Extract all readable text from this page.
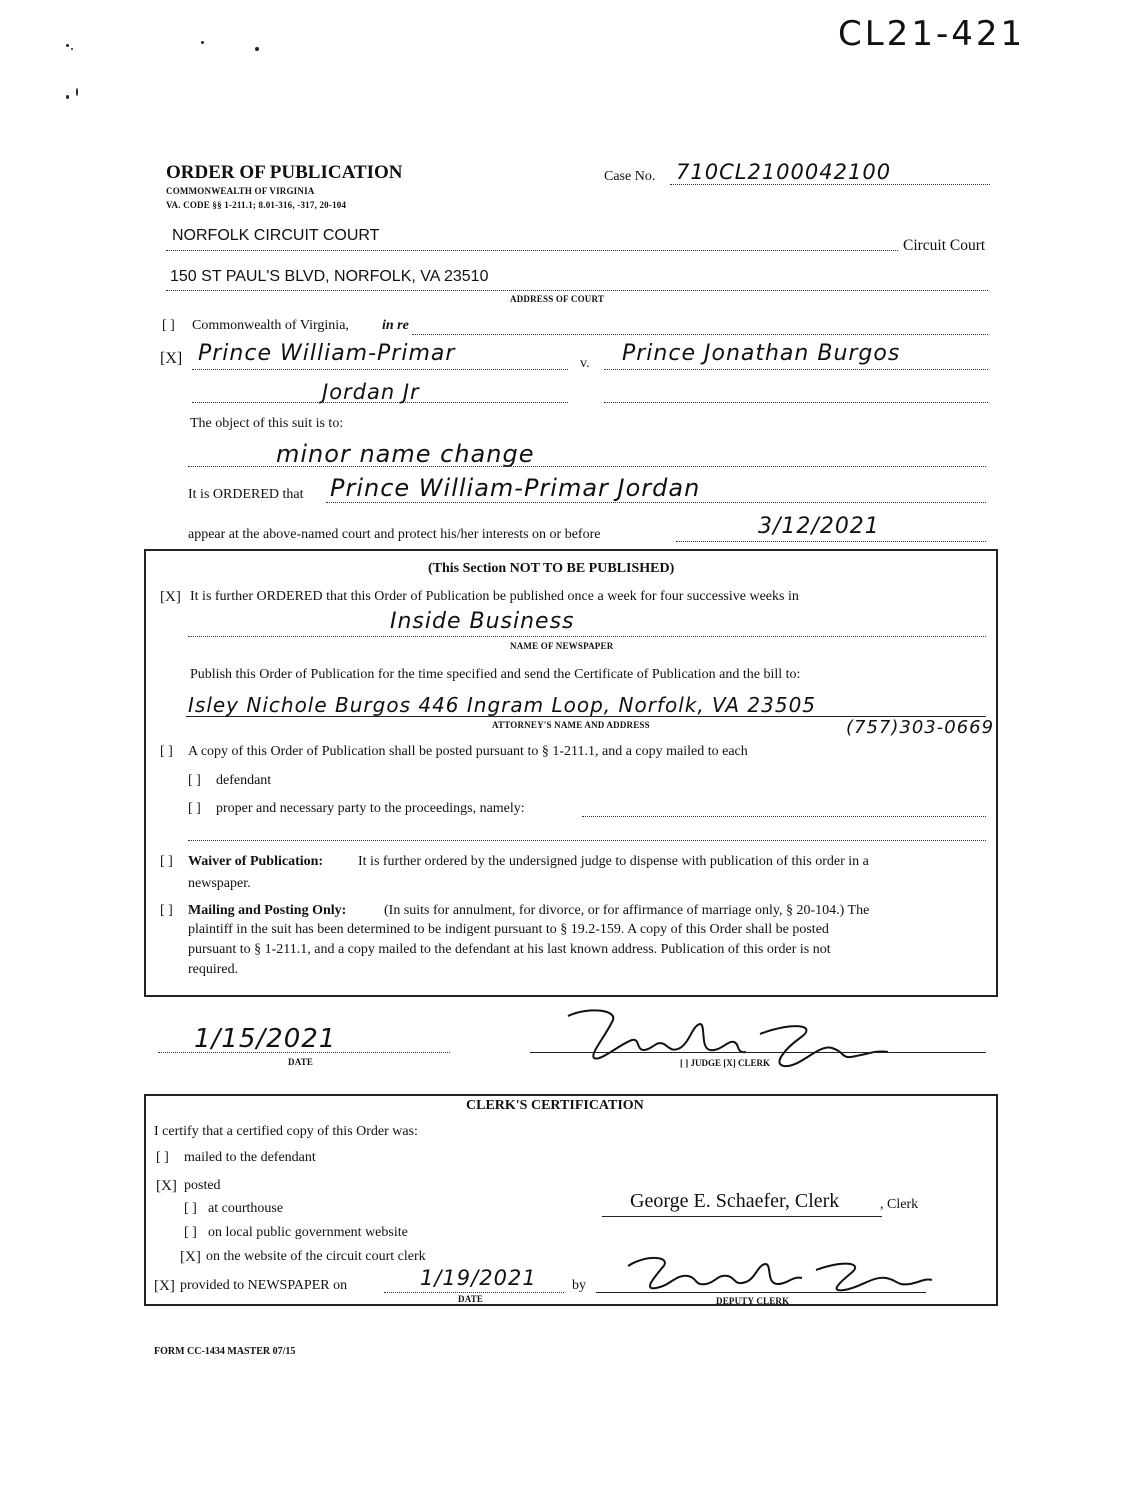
CL21-421
ORDER OF PUBLICATION
COMMONWEALTH OF VIRGINIA
VA. CODE §§ 1-211.1; 8.01-316, -317, 20-104
Case No. 710CL2100042100
NORFOLK CIRCUIT COURT
Circuit Court
150 ST PAUL'S BLVD, NORFOLK, VA 23510
ADDRESS OF COURT
[ ] Commonwealth of Virginia, in re
[X] Prince William-Primar	v. Prince Jonathan Burgos
Jordan Jr
The object of this suit is to:
minor name change
It is ORDERED that Prince William-Primar Jordan
appear at the above-named court and protect his/her interests on or before	3/12/2021
(This Section NOT TO BE PUBLISHED)
[X] It is further ORDERED that this Order of Publication be published once a week for four successive weeks in
Inside Business
NAME OF NEWSPAPER
Publish this Order of Publication for the time specified and send the Certificate of Publication and the bill to:
Isley Nichole Burgos 446 Ingram Loop, Norfolk, VA 23505
ATTORNEY'S NAME AND ADDRESS	(757)303-0669
[ ] A copy of this Order of Publication shall be posted pursuant to § 1-211.1, and a copy mailed to each
[ ] defendant
[ ] proper and necessary party to the proceedings, namely:
[ ] Waiver of Publication: It is further ordered by the undersigned judge to dispense with publication of this order in a
newspaper.
[ ] Mailing and Posting Only:	(In suits for annulment, for divorce, or for affirmance of marriage only, § 20-104.) The
plaintiff in the suit has been determined to be indigent pursuant to § 19.2-159. A copy of this Order shall be posted
pursuant to § 1-211.1, and a copy mailed to the defendant at his last known address. Publication of this order is not
required.
1/15/2021
DATE	[ ] JUDGE [X] CLERK
CLERK'S CERTIFICATION
I certify that a certified copy of this Order was:
[ ] mailed to the defendant
[X] posted
[ ] at courthouse
[ ] on local public government website
[X] on the website of the circuit court clerk
[X] provided to NEWSPAPER on	1/19/2021
DATE
by
George E. Schaefer, Clerk	, Clerk
DEPUTY CLERK
FORM CC-1434 MASTER 07/15
